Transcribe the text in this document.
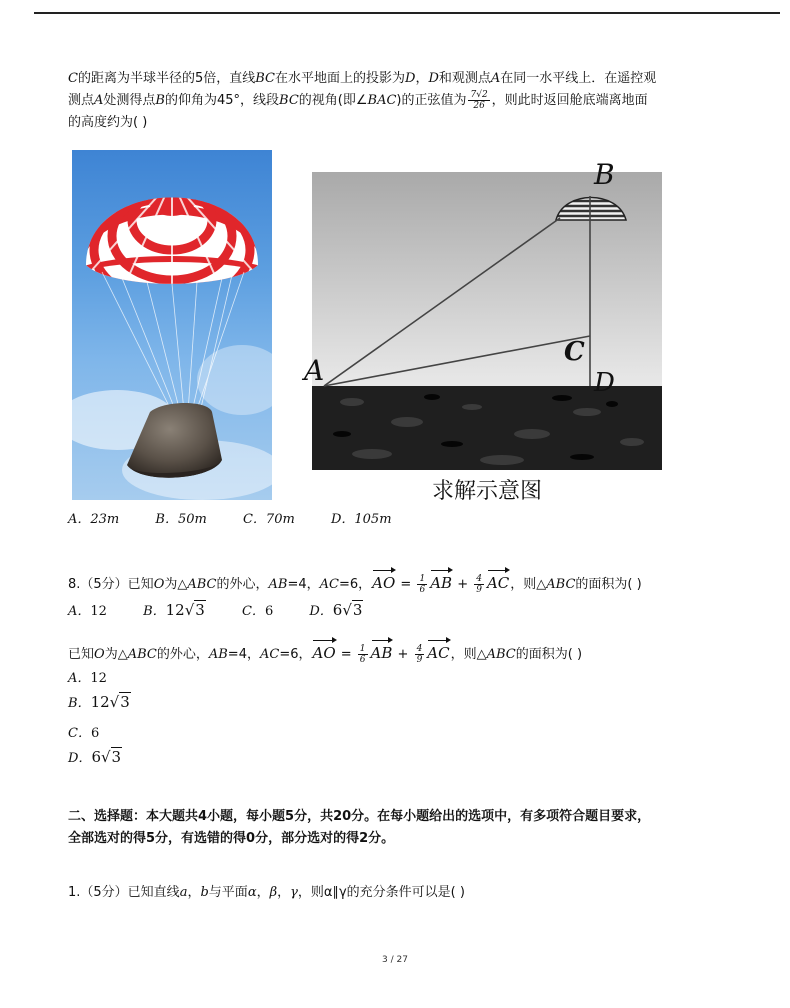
C的距离为半球半径的5倍，直线BC在水平地面上的投影为D，D和观测点A在同一水平线上．在遥控观
测点A处测得点B的仰角为45°，线段BC的视角(即∠BAC)的正弦值为 $\frac{7√2}{26}$ ，则此时返回舱底端离地面
的高度约为( )
B
A
C
D
求解示意图
A．23m	B．50m	C．70m	D．105m
8.（5分）已知O为△ABC的外心，AB=4，AC=6，AO = $\frac{1}{6}$ AB + $\frac{4}{9}$ AC，则△ABC的面积为( )
A．12	B．12√3	C．6	D．6√3
已知O为△ABC的外心，AB=4，AC=6，AO = $\frac{1}{6}$ AB + $\frac{4}{9}$ AC，则△ABC的面积为( )
A．12
B．12√3
C．6
D．6√3
二、选择题：本大题共4小题，每小题5分，共20分。在每小题给出的选项中，有多项符合题目要求，
全部选对的得5分，有选错的得0分，部分选对的得2分。
1.（5分）已知直线a，b与平面α，β，γ，则α∥γ的充分条件可以是( )
3 / 27
